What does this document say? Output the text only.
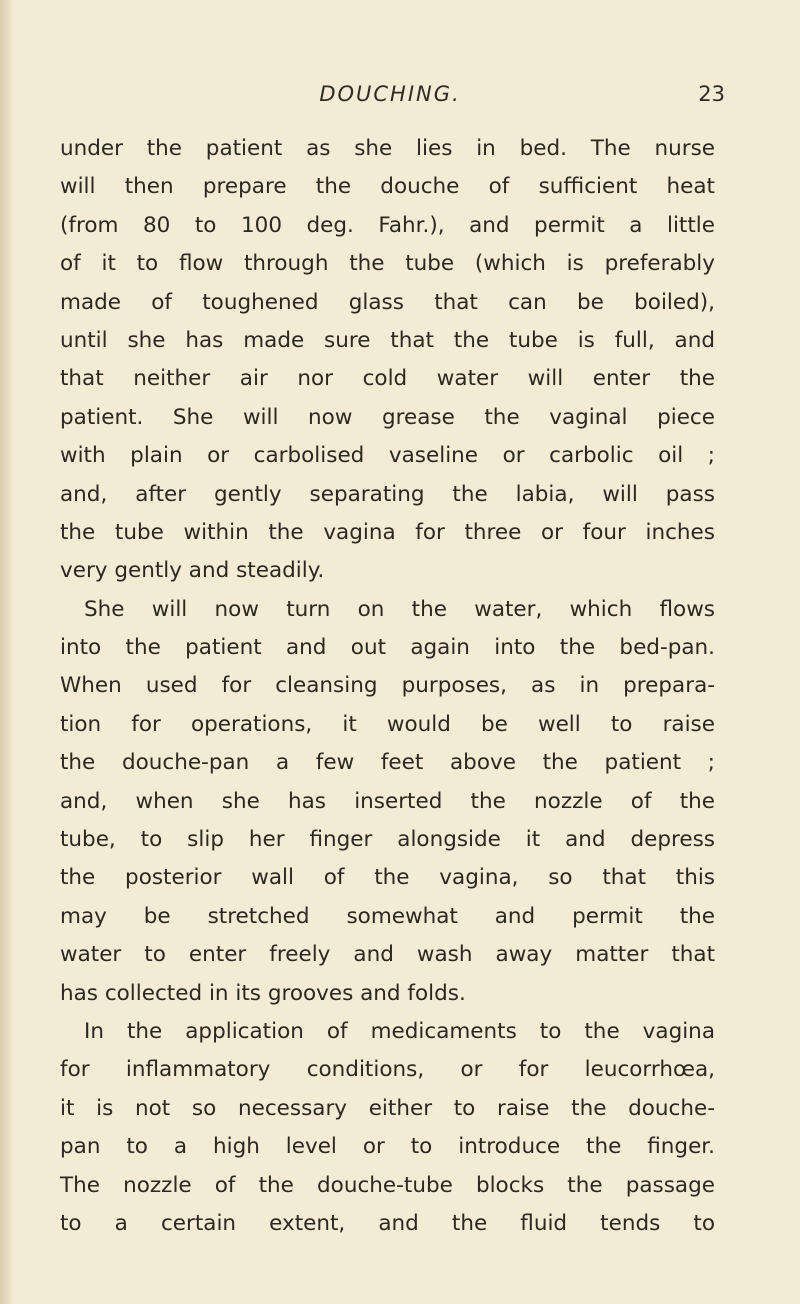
DOUCHING.	23
under the patient as she lies in bed. The nurse
will then prepare the douche of sufficient heat
(from 80 to 100 deg. Fahr.), and permit a little
of it to flow through the tube (which is preferably
made of toughened glass that can be boiled),
until she has made sure that the tube is full, and
that neither air nor cold water will enter the
patient. She will now grease the vaginal piece
with plain or carbolised vaseline or carbolic oil ;
and, after gently separating the labia, will pass
the tube within the vagina for three or four inches
very gently and steadily.
She will now turn on the water, which flows
into the patient and out again into the bed-pan.
When used for cleansing purposes, as in prepara-
tion for operations, it would be well to raise
the douche-pan a few feet above the patient ;
and, when she has inserted the nozzle of the
tube, to slip her finger alongside it and depress
the posterior wall of the vagina, so that this
may be stretched somewhat and permit the
water to enter freely and wash away matter that
has collected in its grooves and folds.
In the application of medicaments to the vagina
for inflammatory conditions, or for leucorrhœa,
it is not so necessary either to raise the douche-
pan to a high level or to introduce the finger.
The nozzle of the douche-tube blocks the passage
to a certain extent, and the fluid tends to
